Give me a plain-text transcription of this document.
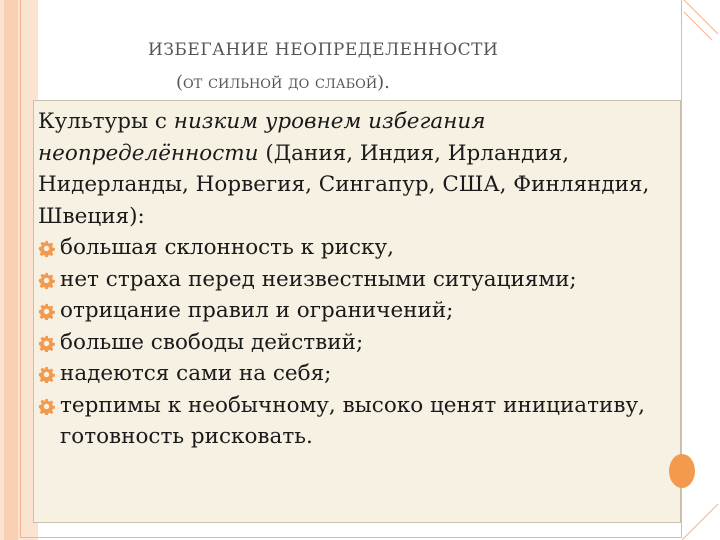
ИЗБЕГАНИЕ НЕОПРЕДЕЛЕННОСТИ
(от сильной до слабой).
Культуры с низким уровнем избегания неопределённости (Дания, Индия, Ирландия, Нидерланды, Норвегия, Сингапур, США, Финляндия, Швеция):
большая склонность к риску,
нет страха перед неизвестными ситуациями;
отрицание правил и ограничений;
больше свободы действий;
надеются сами на себя;
терпимы к необычному, высоко ценят инициативу, готовность рисковать.
